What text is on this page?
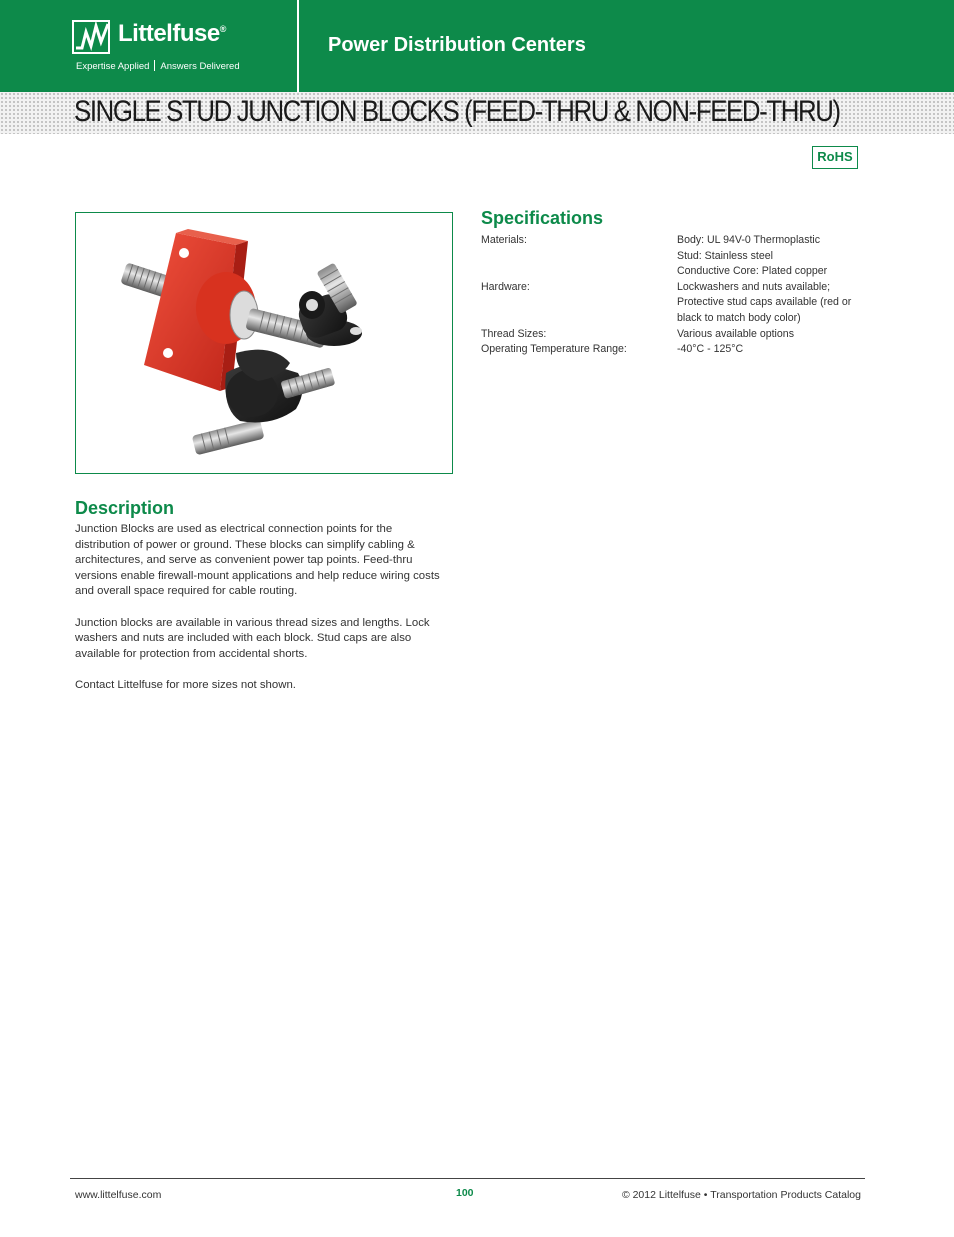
Littelfuse®
Expertise Applied Answers Delivered
Power Distribution Centers
SINGLE STUD JUNCTION BLOCKS (FEED-THRU & NON-FEED-THRU)
RoHS
Specifications
Materials:	Body: UL 94V-0 Thermoplastic
	Stud: Stainless steel
	Conductive Core: Plated copper
Hardware:	Lockwashers and nuts available;
	Protective stud caps available (red or
	black to match body color)
Thread Sizes:	Various available options
Operating Temperature Range:	-40°C - 125°C
Description

Junction Blocks are used as electrical connection points for the distribution of power or ground. These blocks can simplify cabling & architectures, and serve as convenient power tap points. Feed-thru versions enable firewall-mount applications and help reduce wiring costs and overall space required for cable routing.

Junction blocks are available in various thread sizes and lengths. Lock washers and nuts are included with each block. Stud caps are also available for protection from accidental shorts.

Contact Littelfuse for more sizes not shown.

www.littelfuse.com	100	© 2012 Littelfuse • Transportation Products Catalog
